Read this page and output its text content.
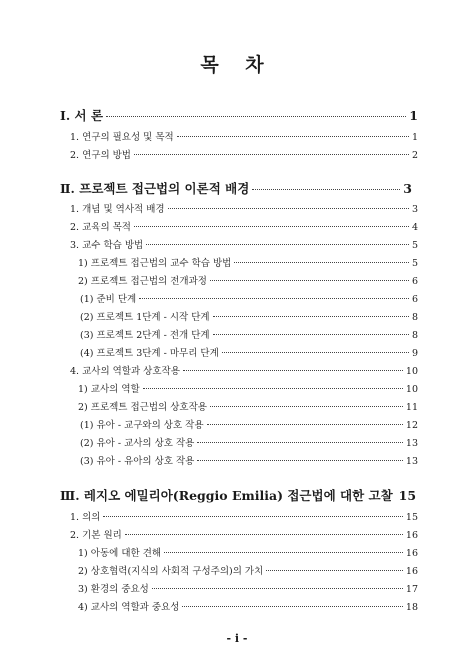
목 차
Ⅰ. 서 론	1
1. 연구의 필요성 및 목적	1
2. 연구의 방법	2
Ⅱ. 프로젝트 접근법의 이론적 배경	3
1. 개념 및 역사적 배경	3
2. 교육의 목적	4
3. 교수 학습 방법	5
1) 프로젝트 접근법의 교수 학습 방법	5
2) 프로젝트 접근법의 전개과정	6
(1) 준비 단계	6
(2) 프로젝트 1단계 - 시작 단계	8
(3) 프로젝트 2단계 - 전개 단계	8
(4) 프로젝트 3단계 - 마무리 단계	9
4. 교사의 역할과 상호작용	10
1) 교사의 역할	10
2) 프로젝트 접근법의 상호작용	11
(1) 유아 - 교구와의 상호 작용	12
(2) 유아 - 교사의 상호 작용	13
(3) 유아 - 유아의 상호 작용	13
Ⅲ. 레지오 에밀리아(Reggio Emilia) 접근법에 대한 고찰 15
1. 의의	15
2. 기본 원리	16
1) 아동에 대한 견해	16
2) 상호협력(지식의 사회적 구성주의)의 가치	16
3) 환경의 중요성	17
4) 교사의 역할과 중요성	18
- i -
